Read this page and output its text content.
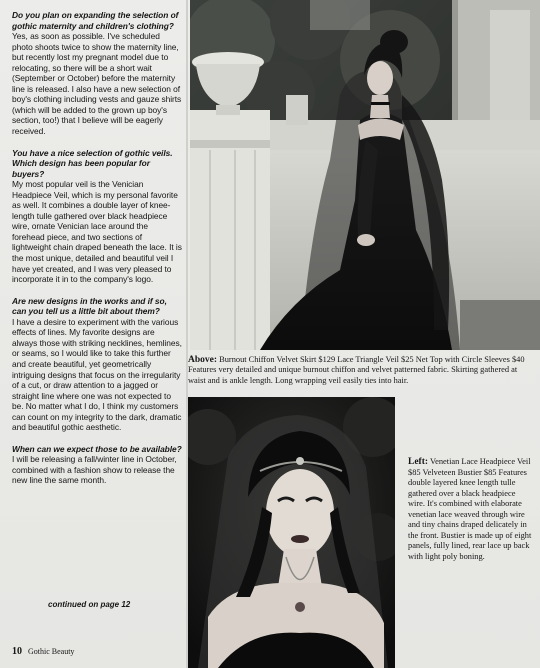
Do you plan on expanding the selection of gothic maternity and children's clothing?

Yes, as soon as possible. I've scheduled photo shoots twice to show the maternity line, but recently lost my pregnant model due to relocating, so there will be a short wait (September or October) before the maternity line is released. I also have a new selection of boy's clothing including vests and gauze shirts (which will be added to the grown up boy's section, too!) that I believe will be eagerly received.

You have a nice selection of gothic veils. Which design has been popular for buyers?

My most popular veil is the Venician Headpiece Veil, which is my personal favorite as well. It combines a double layer of knee-length tulle gathered over black headpiece wire, ornate Venician lace around the forehead piece, and two sections of lightweight chain draped beneath the lace. It is the most unique, detailed and beautiful veil I have yet created, and I was very pleased to incorporate it in to the company's logo.

Are new designs in the works and if so, can you tell us a little bit about them?

I have a desire to experiment with the various effects of lines. My favorite designs are always those with striking necklines, hemlines, or seams, so I would like to take this further and create beautiful, yet geometrically intriguing designs that focus on the irregularity of a cut, or draw attention to a jagged or straight line where one was not expected to be. No matter what I do, I think my customers can count on my integrity to the dark, dramatic and beautiful gothic aesthetic.

When can we expect those to be available?

I will be releasing a fall/winter line in October, combined with a fashion show to release the new line the same month.

continued on page 12
10 Gothic Beauty

Above: Burnout Chiffon Velvet Skirt $129 Lace Triangle Veil $25 Net Top with Circle Sleeves $40 Features very detailed and unique burnout chiffon and velvet patterned fabric. Skirting gathered at waist and is ankle length. Long wrapping veil easily ties into hair.

Left: Venetian Lace Headpiece Veil $85 Velveteen Bustier $85 Features double layered knee length tulle gathered over a black headpiece wire. It's combined with elaborate venetian lace weaved through wire and tiny chains draped delicately in the front. Bustier is made up of eight panels, fully lined, rear lace up back with light poly boning.
